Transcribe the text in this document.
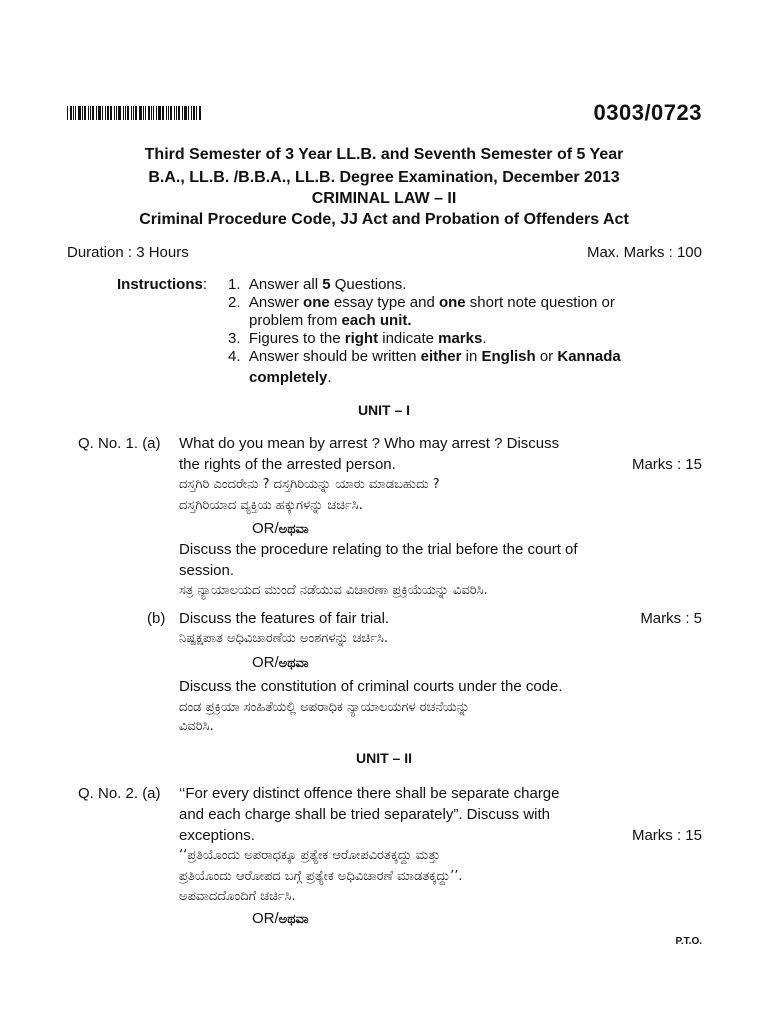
0303/0723
Third Semester of 3 Year LL.B. and Seventh Semester of 5 Year
B.A., LL.B. /B.B.A., LL.B. Degree Examination, December 2013
CRIMINAL LAW – II
Criminal Procedure Code, JJ Act and Probation of Offenders Act
Duration : 3 Hours	Max. Marks : 100
Instructions: 1. Answer all 5 Questions.
2. Answer one essay type and one short note question or
problem from each unit.
3. Figures to the right indicate marks.
4. Answer should be written either in English or Kannada
completely.
UNIT – I
Q. No. 1. (a) What do you mean by arrest ? Who may arrest ? Discuss
the rights of the arrested person.	Marks : 15
ದಸ್ತಗಿರಿ ಎಂದರೇನು ? ದಸ್ತಗಿರಿಯನ್ನು ಯಾರು ಮಾಡಬಹುದು ?
ದಸ್ತಗಿರಿಯಾದ ವ್ಯಕ್ತಿಯ ಹಕ್ಕುಗಳನ್ನು ಚರ್ಚಿಸಿ.
OR/ಅಥವಾ
Discuss the procedure relating to the trial before the court of
session.
ಸತ್ರ ನ್ಯಾಯಾಲಯದ ಮುಂದೆ ನಡೆಯುವ ವಿಚಾರಣಾ ಪ್ರಕ್ರಿಯೆಯನ್ನು ವಿವರಿಸಿ.
(b) Discuss the features of fair trial.	Marks : 5
ನಿಷ್ಪಕ್ಷಪಾತ ಅಧಿವಿಚಾರಣೆಯ ಅಂಶಗಳನ್ನು ಚರ್ಚಿಸಿ.
OR/ಅಥವಾ
Discuss the constitution of criminal courts under the code.
ದಂಡ ಪ್ರಕ್ರಿಯಾ ಸಂಹಿತೆಯಲ್ಲಿ ಅಪರಾಧಿಕ ನ್ಯಾಯಾಲಯಗಳ ರಚನೆಯನ್ನು
ವಿವರಿಸಿ.
UNIT – II
Q. No. 2. (a) ‘‘For every distinct offence there shall be separate charge
and each charge shall be tried separately”. Discuss with
exceptions.	Marks : 15
‘‘ಪ್ರತಿಯೊಂದು ಅಪರಾಧಕ್ಕೂ ಪ್ರತ್ಯೇಕ ಆರೋಪವಿರತಕ್ಕದ್ದು ಮತ್ತು
ಪ್ರತಿಯೊಂದು ಆರೋಪದ ಬಗ್ಗೆ ಪ್ರತ್ಯೇಕ ಅಧಿವಿಚಾರಣೆ ಮಾಡತಕ್ಕದ್ದು’’.
ಅಪವಾದದೊಂದಿಗೆ ಚರ್ಚಿಸಿ.
OR/ಅಥವಾ
P.T.O.
